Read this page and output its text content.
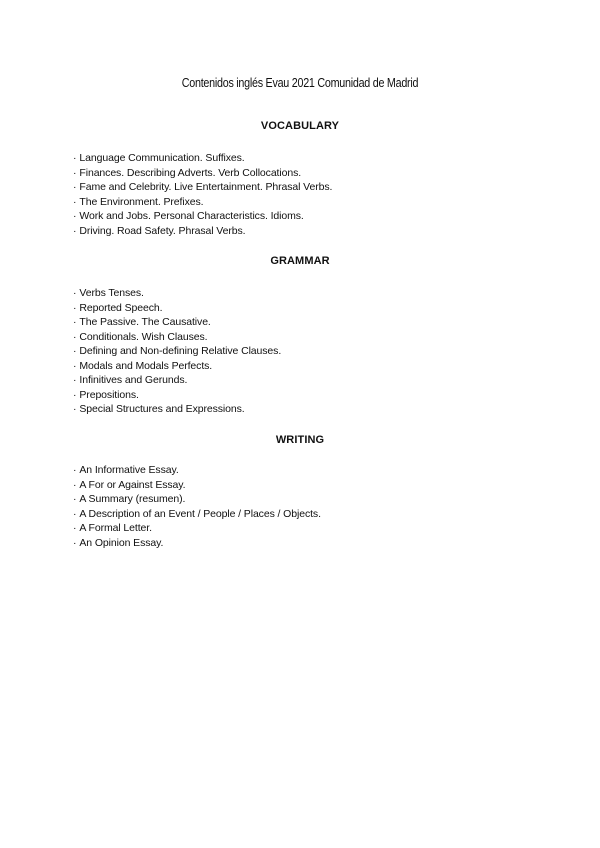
Contenidos inglés Evau 2021 Comunidad de Madrid
VOCABULARY
· Language Communication. Suffixes.
· Finances. Describing Adverts. Verb Collocations.
· Fame and Celebrity. Live Entertainment. Phrasal Verbs.
· The Environment. Prefixes.
· Work and Jobs. Personal Characteristics. Idioms.
· Driving. Road Safety. Phrasal Verbs.
GRAMMAR
· Verbs Tenses.
· Reported Speech.
· The Passive. The Causative.
· Conditionals. Wish Clauses.
· Defining and Non-defining Relative Clauses.
· Modals and Modals Perfects.
· Infinitives and Gerunds.
· Prepositions.
· Special Structures and Expressions.
WRITING
· An Informative Essay.
· A For or Against Essay.
· A Summary (resumen).
· A Description of an Event / People / Places / Objects.
· A Formal Letter.
· An Opinion Essay.
